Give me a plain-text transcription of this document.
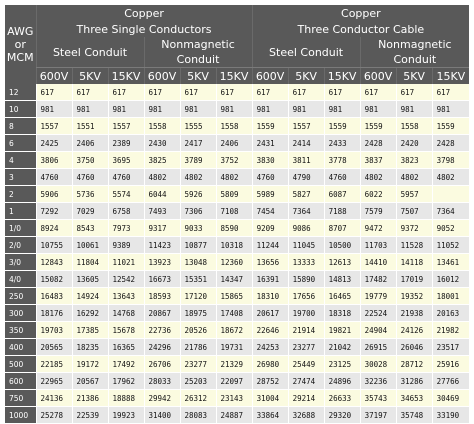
AWG
or
MCM	Copper						Copper					
	Three Single Conductors						Three Conductor Cable					
	Steel Conduit			Nonmagnetic Conduit			Steel Conduit			Nonmagnetic Conduit		
	600V	5KV	15KV	600V	5KV	15KV	600V	5KV	15KV	600V	5KV	15KV
12	617	617	617	617	617	617	617	617	617	617	617	617
10	981	981	981	981	981	981	981	981	981	981	981	981
8	1557	1551	1557	1558	1555	1558	1559	1557	1559	1559	1558	1559
6	2425	2406	2389	2430	2417	2406	2431	2414	2433	2428	2420	2428
4	3806	3750	3695	3825	3789	3752	3830	3811	3778	3837	3823	3798
3	4760	4760	4760	4802	4802	4802	4760	4790	4760	4802	4802	4802
2	5906	5736	5574	6044	5926	5809	5989	5827	6087	6022	5957	
1	7292	7029	6758	7493	7306	7108	7454	7364	7188	7579	7507	7364
1/0	8924	8543	7973	9317	9033	8590	9209	9086	8707	9472	9372	9052
2/0	10755	10061	9389	11423	10877	10318	11244	11045	10500	11703	11528	11052
3/0	12843	11804	11021	13923	13048	12360	13656	13333	12613	14410	14118	13461
4/0	15082	13605	12542	16673	15351	14347	16391	15890	14813	17482	17019	16012
250	16483	14924	13643	18593	17120	15865	18310	17656	16465	19779	19352	18001
300	18176	16292	14768	20867	18975	17408	20617	19700	18318	22524	21938	20163
350	19703	17385	15678	22736	20526	18672	22646	21914	19821	24904	24126	21982
400	20565	18235	16365	24296	21786	19731	24253	23277	21042	26915	26046	23517
500	22185	19172	17492	26706	23277	21329	26980	25449	23125	30028	28712	25916
600	22965	20567	17962	28033	25203	22097	28752	27474	24896	32236	31286	27766
750	24136	21386	18888	29942	26312	23143	31004	29214	26633	35743	34653	30469
1000	25278	22539	19923	31400	28083	24887	33864	32688	29320	37197	35748	33190
